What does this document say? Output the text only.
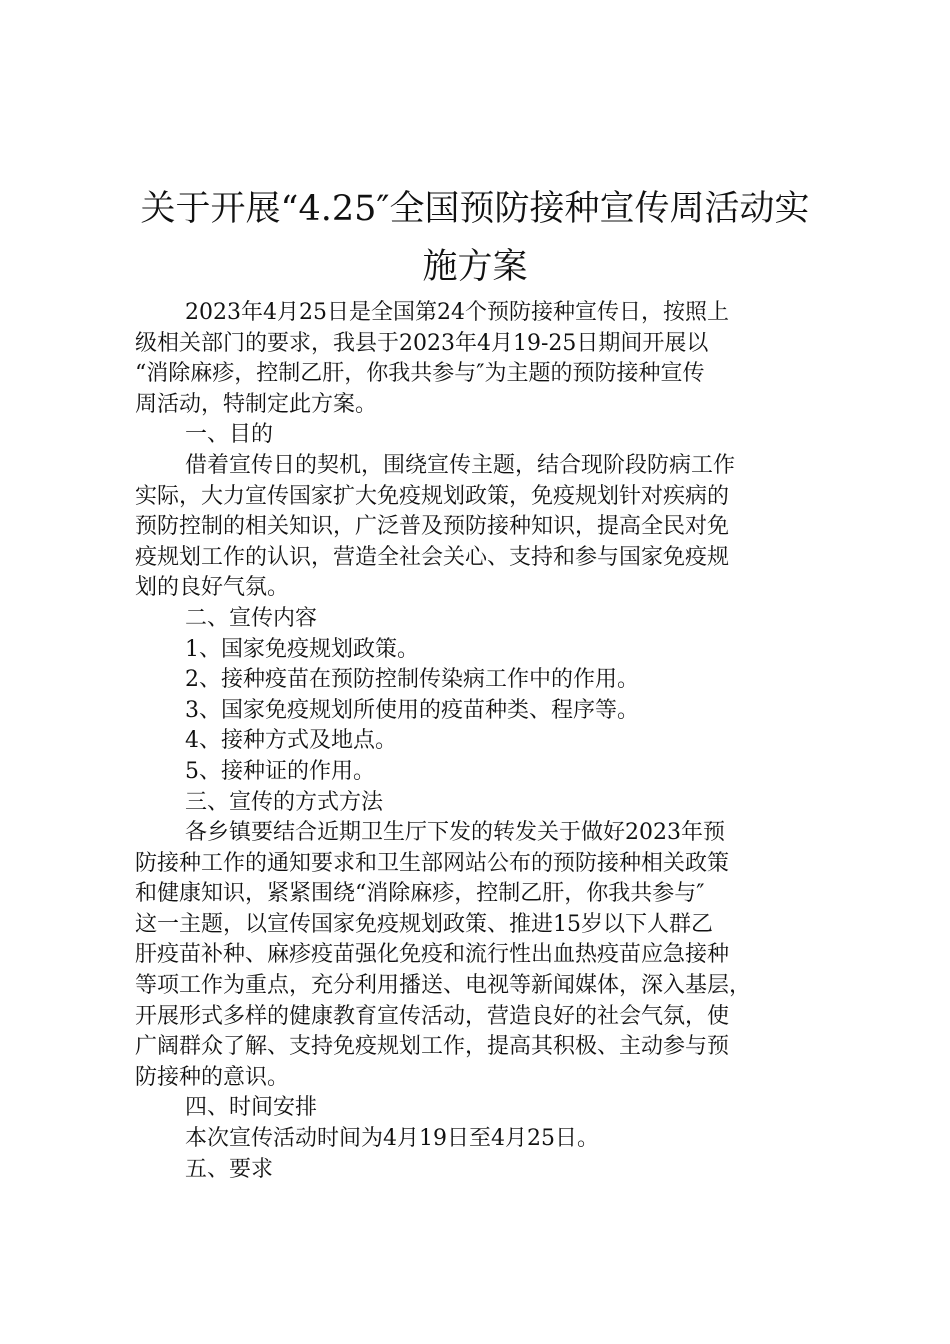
关于开展“4.25″全国预防接种宣传周活动实
施方案

2023年4月25日是全国第24个预防接种宣传日，按照上

级相关部门的要求，我县于2023年4月19-25日期间开展以

“消除麻疹，控制乙肝，你我共参与″为主题的预防接种宣传

周活动，特制定此方案。

一、目的

借着宣传日的契机，围绕宣传主题，结合现阶段防病工作

实际，大力宣传国家扩大免疫规划政策，免疫规划针对疾病的

预防控制的相关知识，广泛普及预防接种知识，提高全民对免

疫规划工作的认识，营造全社会关心、支持和参与国家免疫规

划的良好气氛。

二、宣传内容

1、国家免疫规划政策。

2、接种疫苗在预防控制传染病工作中的作用。

3、国家免疫规划所使用的疫苗种类、程序等。

4、接种方式及地点。

5、接种证的作用。

三、宣传的方式方法

各乡镇要结合近期卫生厅下发的转发关于做好2023年预

防接种工作的通知要求和卫生部网站公布的预防接种相关政策

和健康知识，紧紧围绕“消除麻疹，控制乙肝，你我共参与″

这一主题，以宣传国家免疫规划政策、推进15岁以下人群乙

肝疫苗补种、麻疹疫苗强化免疫和流行性出血热疫苗应急接种

等项工作为重点，充分利用播送、电视等新闻媒体，深入基层，

开展形式多样的健康教育宣传活动，营造良好的社会气氛，使

广阔群众了解、支持免疫规划工作，提高其积极、主动参与预

防接种的意识。

四、时间安排

本次宣传活动时间为4月19日至4月25日。

五、要求
